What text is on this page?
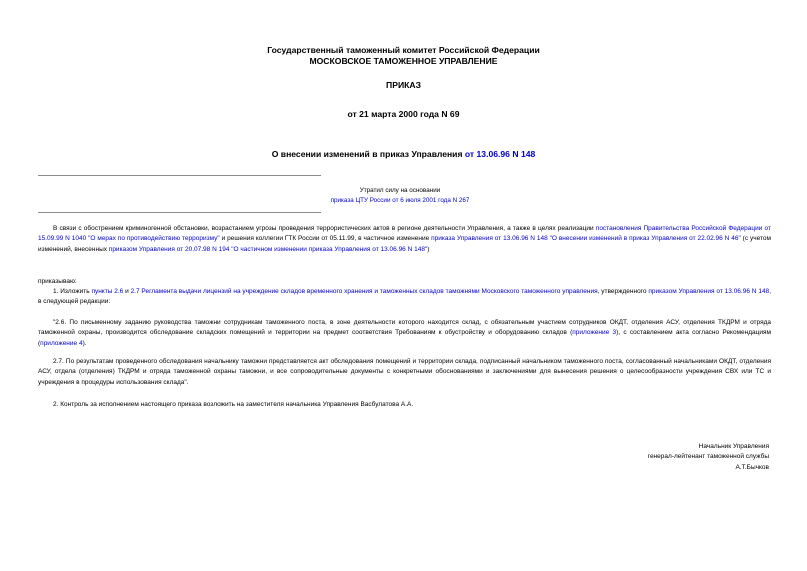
Государственный таможенный комитет Российской Федерации
МОСКОВСКОЕ ТАМОЖЕННОЕ УПРАВЛЕНИЕ
ПРИКАЗ
от 21 марта 2000 года N 69
О внесении изменений в приказ Управления от 13.06.96 N 148
Утратил силу на основании
приказа ЦТУ России от 6 июля 2001 года N 267
В связи с обострением криминогенной обстановки, возрастанием угрозы проведения террористических актов в регионе деятельности Управления, а также в целях реализации постановления Правительства Российской Федерации от 15.09.99 N 1040 "О мерах по противодействию терроризму" и решения коллегии ГТК России от 05.11.99, в частичное изменение приказа Управления от 13.06.96 N 148 "О внесении изменений в приказ Управления от 22.02.96 N 46" (с учетом изменений, внесенных приказом Управления от 20.07.98 N 194 "О частичном изменении приказа Управления от 13.06.96 N 148")
приказываю:
1. Изложить пункты 2.6 и 2.7 Регламента выдачи лицензий на учреждение складов временного хранения и таможенных складов таможнями Московского таможенного управления, утвержденного приказом Управления от 13.06.96 N 148, в следующей редакции:
"2.6. По письменному заданию руководства таможни сотрудникам таможенного поста, в зоне деятельности которого находится склад, с обязательным участием сотрудников ОКДТ, отделения АСУ, отделения ТКДРМ и отряда таможенной охраны, производится обследование складских помещений и территории на предмет соответствия Требованиям к обустройству и оборудованию складов (приложение 3), с составлением акта согласно Рекомендациям (приложение 4).
2.7. По результатам проведенного обследования начальнику таможни представляется акт обследования помещений и территории склада, подписанный начальником таможенного поста, согласованный начальниками ОКДТ, отделения АСУ, отдела (отделения) ТКДРМ и отряда таможенной охраны таможни, и все сопроводительные документы с конкретными обоснованиями и заключениями для вынесения решения о целесообразности учреждения СВХ или ТС и учреждения в процедуры использования склада".
2. Контроль за исполнением настоящего приказа возложить на заместителя начальника Управления Васбулатова А.А.
Начальник Управления
генерал-лейтенант таможенной службы
А.Т.Бычков
